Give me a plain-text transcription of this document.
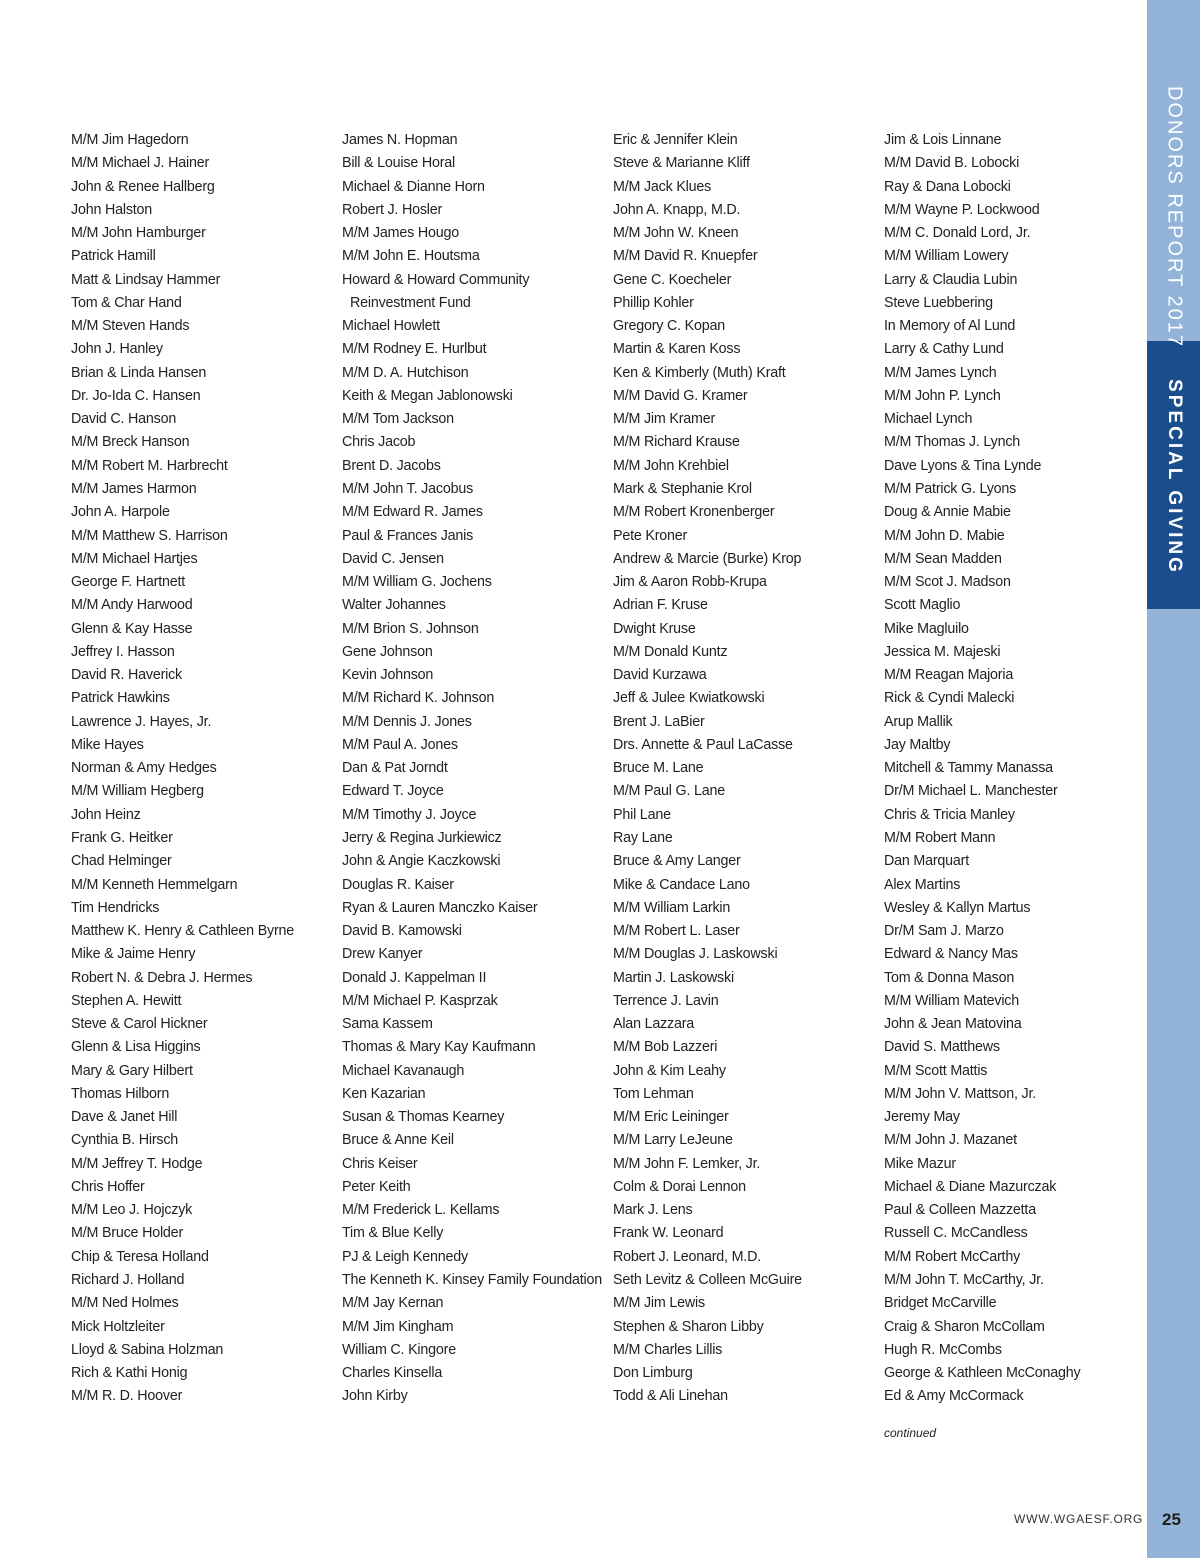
DONORS REPORT 2017
SPECIAL GIVING
M/M Jim Hagedorn
M/M Michael J. Hainer
John & Renee Hallberg
John Halston
M/M John Hamburger
Patrick Hamill
Matt & Lindsay Hammer
Tom & Char Hand
M/M Steven Hands
John J. Hanley
Brian & Linda Hansen
Dr. Jo-Ida C. Hansen
David C. Hanson
M/M Breck Hanson
M/M Robert M. Harbrecht
M/M James Harmon
John A. Harpole
M/M Matthew S. Harrison
M/M Michael Hartjes
George F. Hartnett
M/M Andy Harwood
Glenn & Kay Hasse
Jeffrey I. Hasson
David R. Haverick
Patrick Hawkins
Lawrence J. Hayes, Jr.
Mike Hayes
Norman & Amy Hedges
M/M William Hegberg
John Heinz
Frank G. Heitker
Chad Helminger
M/M Kenneth Hemmelgarn
Tim Hendricks
Matthew K. Henry & Cathleen Byrne
Mike & Jaime Henry
Robert N. & Debra J. Hermes
Stephen A. Hewitt
Steve & Carol Hickner
Glenn & Lisa Higgins
Mary & Gary Hilbert
Thomas Hilborn
Dave & Janet Hill
Cynthia B. Hirsch
M/M Jeffrey T. Hodge
Chris Hoffer
M/M Leo J. Hojczyk
M/M Bruce Holder
Chip & Teresa Holland
Richard J. Holland
M/M Ned Holmes
Mick Holtzleiter
Lloyd & Sabina Holzman
Rich & Kathi Honig
M/M R. D. Hoover
James N. Hopman
Bill & Louise Horal
Michael & Dianne Horn
Robert J. Hosler
M/M James Hougo
M/M John E. Houtsma
Howard & Howard Community
Reinvestment Fund
Michael Howlett
M/M Rodney E. Hurlbut
M/M D. A. Hutchison
Keith & Megan Jablonowski
M/M Tom Jackson
Chris Jacob
Brent D. Jacobs
M/M John T. Jacobus
M/M Edward R. James
Paul & Frances Janis
David C. Jensen
M/M William G. Jochens
Walter Johannes
M/M Brion S. Johnson
Gene Johnson
Kevin Johnson
M/M Richard K. Johnson
M/M Dennis J. Jones
M/M Paul A. Jones
Dan & Pat Jorndt
Edward T. Joyce
M/M Timothy J. Joyce
Jerry & Regina Jurkiewicz
John & Angie Kaczkowski
Douglas R. Kaiser
Ryan & Lauren Manczko Kaiser
David B. Kamowski
Drew Kanyer
Donald J. Kappelman II
M/M Michael P. Kasprzak
Sama Kassem
Thomas & Mary Kay Kaufmann
Michael Kavanaugh
Ken Kazarian
Susan & Thomas Kearney
Bruce & Anne Keil
Chris Keiser
Peter Keith
M/M Frederick L. Kellams
Tim & Blue Kelly
PJ & Leigh Kennedy
The Kenneth K. Kinsey Family Foundation
M/M Jay Kernan
M/M Jim Kingham
William C. Kingore
Charles Kinsella
John Kirby
Eric & Jennifer Klein
Steve & Marianne Kliff
M/M Jack Klues
John A. Knapp, M.D.
M/M John W. Kneen
M/M David R. Knuepfer
Gene C. Koecheler
Phillip Kohler
Gregory C. Kopan
Martin & Karen Koss
Ken & Kimberly (Muth) Kraft
M/M David G. Kramer
M/M Jim Kramer
M/M Richard Krause
M/M John Krehbiel
Mark & Stephanie Krol
M/M Robert Kronenberger
Pete Kroner
Andrew & Marcie (Burke) Krop
Jim & Aaron Robb-Krupa
Adrian F. Kruse
Dwight Kruse
M/M Donald Kuntz
David Kurzawa
Jeff & Julee Kwiatkowski
Brent J. LaBier
Drs. Annette & Paul LaCasse
Bruce M. Lane
M/M Paul G. Lane
Phil Lane
Ray Lane
Bruce & Amy Langer
Mike & Candace Lano
M/M William Larkin
M/M Robert L. Laser
M/M Douglas J. Laskowski
Martin J. Laskowski
Terrence J. Lavin
Alan Lazzara
M/M Bob Lazzeri
John & Kim Leahy
Tom Lehman
M/M Eric Leininger
M/M Larry LeJeune
M/M John F. Lemker, Jr.
Colm & Dorai Lennon
Mark J. Lens
Frank W. Leonard
Robert J. Leonard, M.D.
Seth Levitz & Colleen McGuire
M/M Jim Lewis
Stephen & Sharon Libby
M/M Charles Lillis
Don Limburg
Todd & Ali Linehan
Jim & Lois Linnane
M/M David B. Lobocki
Ray & Dana Lobocki
M/M Wayne P. Lockwood
M/M C. Donald Lord, Jr.
M/M William Lowery
Larry & Claudia Lubin
Steve Luebbering
In Memory of Al Lund
Larry & Cathy Lund
M/M James Lynch
M/M John P. Lynch
Michael Lynch
M/M Thomas J. Lynch
Dave Lyons & Tina Lynde
M/M Patrick G. Lyons
Doug & Annie Mabie
M/M John D. Mabie
M/M Sean Madden
M/M Scot J. Madson
Scott Maglio
Mike Magluilo
Jessica M. Majeski
M/M Reagan Majoria
Rick & Cyndi Malecki
Arup Mallik
Jay Maltby
Mitchell & Tammy Manassa
Dr/M Michael L. Manchester
Chris & Tricia Manley
M/M Robert Mann
Dan Marquart
Alex Martins
Wesley & Kallyn Martus
Dr/M Sam J. Marzo
Edward & Nancy Mas
Tom & Donna Mason
M/M William Matevich
John & Jean Matovina
David S. Matthews
M/M Scott Mattis
M/M John V. Mattson, Jr.
Jeremy May
M/M John J. Mazanet
Mike Mazur
Michael & Diane Mazurczak
Paul & Colleen Mazzetta
Russell C. McCandless
M/M Robert McCarthy
M/M John T. McCarthy, Jr.
Bridget McCarville
Craig & Sharon McCollam
Hugh R. McCombs
George & Kathleen McConaghy
Ed & Amy McCormack
continued
WWW.WGAESF.ORG 25
